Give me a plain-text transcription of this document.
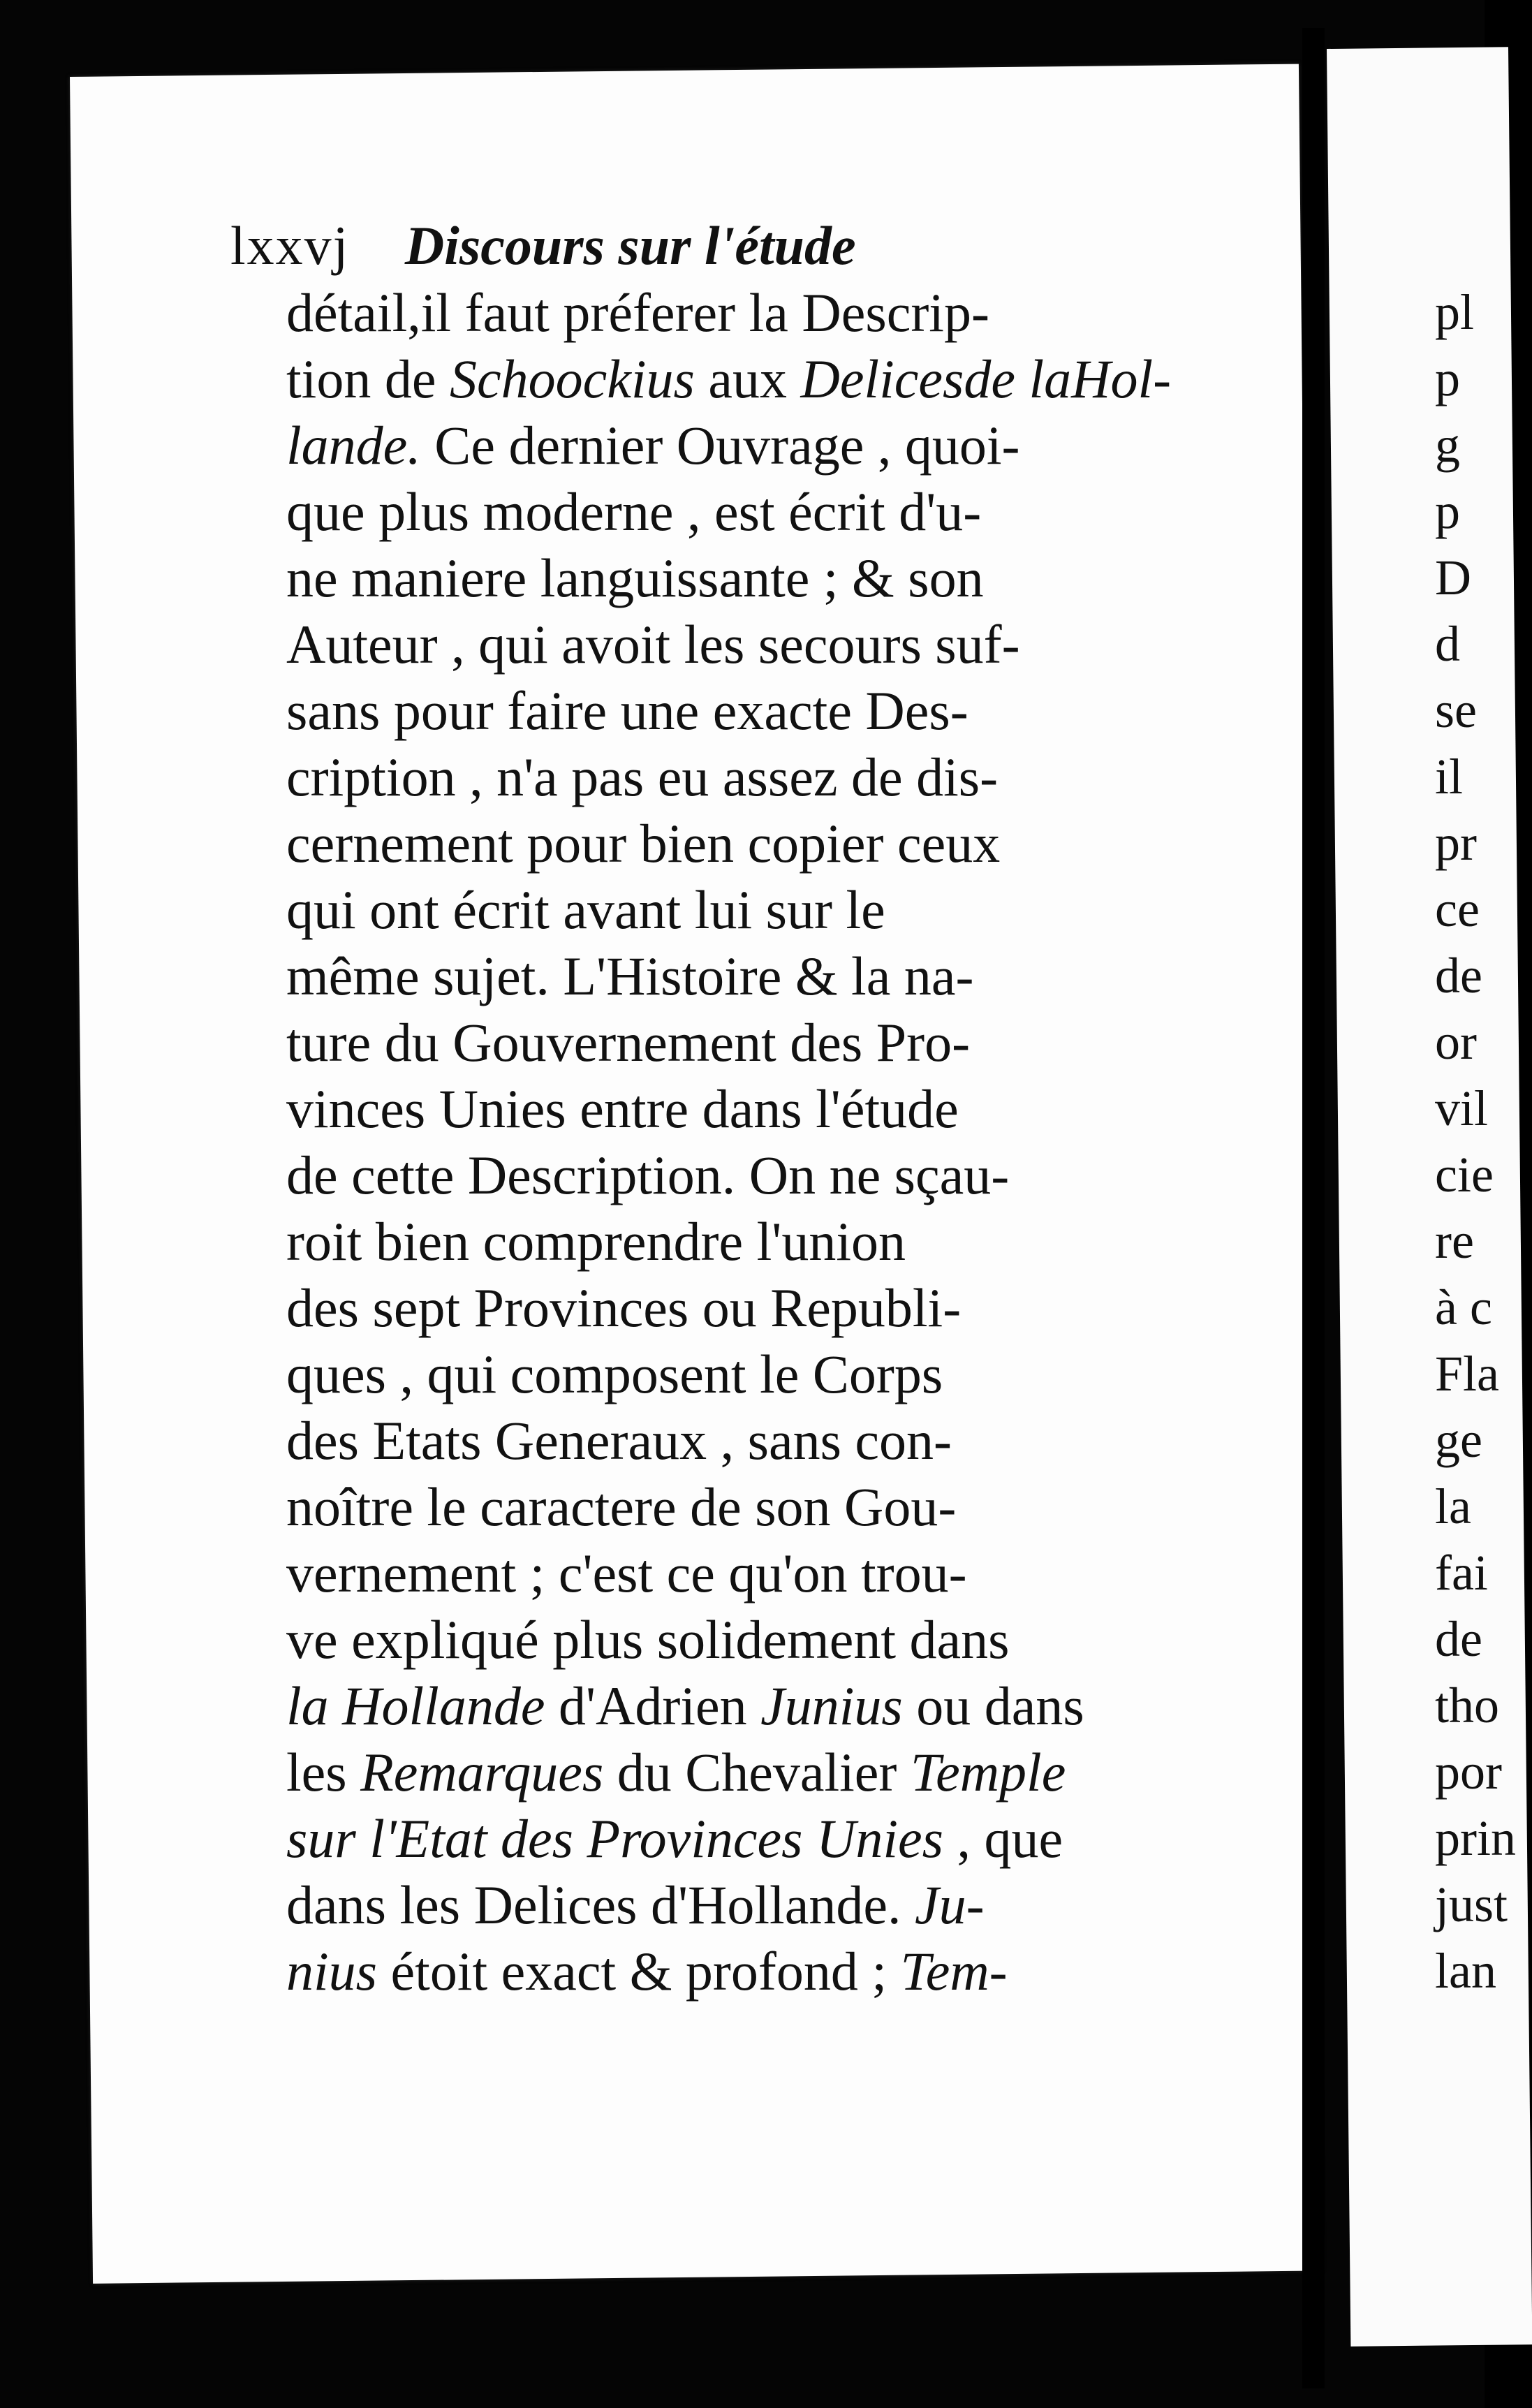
lxxvj Discours sur l'étude
détail,il faut préferer la Descrip-
tion de Schoockius aux Delicesde laHol-
lande. Ce dernier Ouvrage , quoi-
que plus moderne , est écrit d'u-
ne maniere languissante ; & son
Auteur , qui avoit les secours suf-
sans pour faire une exacte Des-
cription , n'a pas eu assez de dis-
cernement pour bien copier ceux
qui ont écrit avant lui sur le
même sujet. L'Histoire & la na-
ture du Gouvernement des Pro-
vinces Unies entre dans l'étude
de cette Description. On ne sçau-
roit bien comprendre l'union
des sept Provinces ou Republi-
ques , qui composent le Corps
des Etats Generaux , sans con-
noître le caractere de son Gou-
vernement ; c'est ce qu'on trou-
ve expliqué plus solidement dans
la Hollande d'Adrien Junius ou dans
les Remarques du Chevalier Temple
sur l'Etat des Provinces Unies , que
dans les Delices d'Hollande. Ju-
nius étoit exact & profond ; Tem-
pl
p
g
p
D
d
se
il
pr
ce
de
or
vil
cie
re
à c
Fla
ge
la
fai
de
tho
por
prin
just
lan
